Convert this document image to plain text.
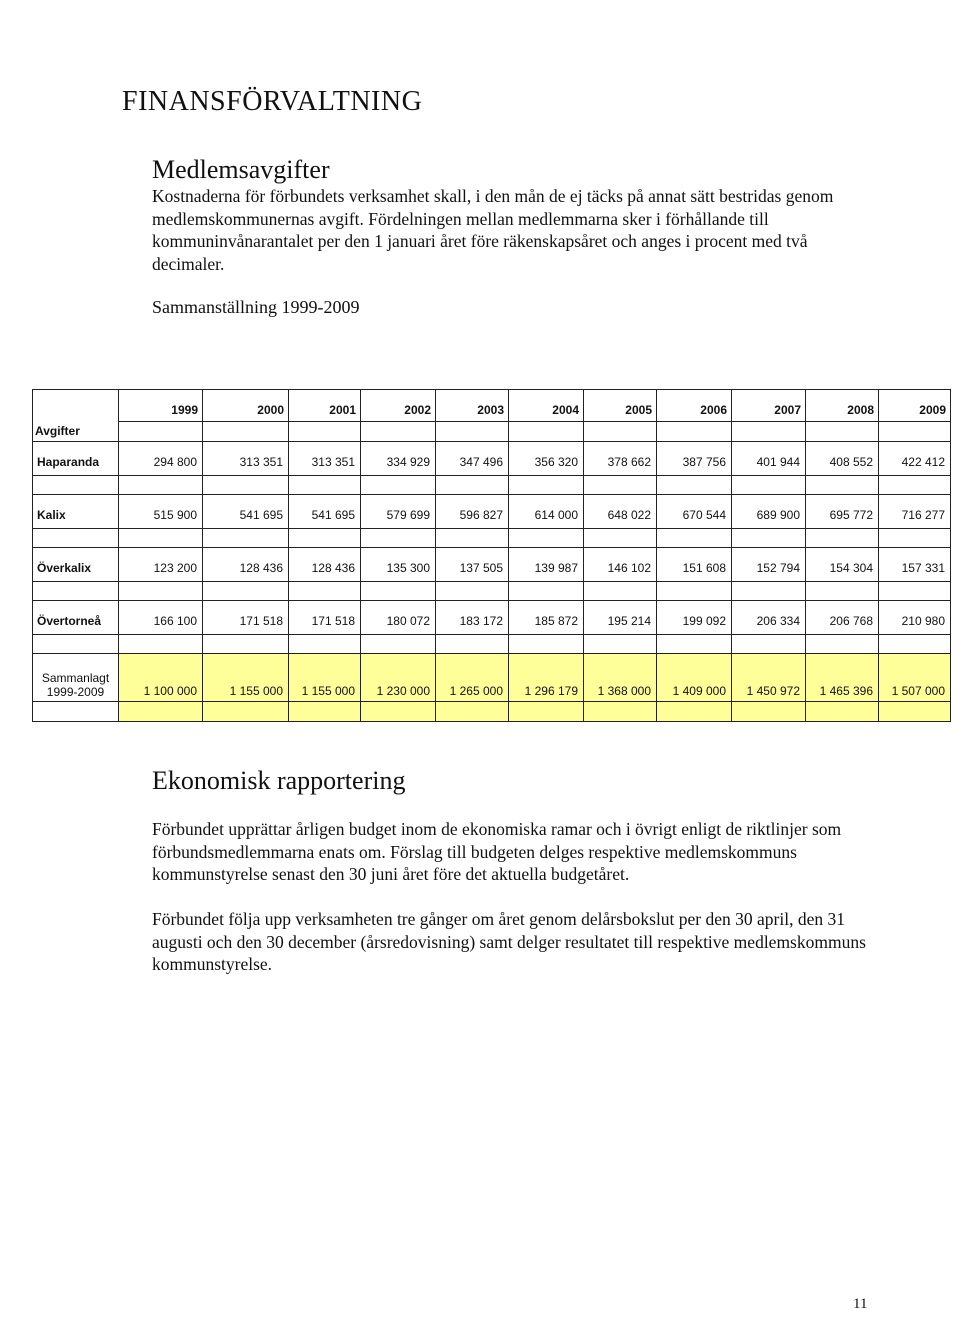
FINANSFÖRVALTNING
Medlemsavgifter
Kostnaderna för förbundets verksamhet skall, i den mån de ej täcks på annat sätt bestridas genom medlemskommunernas avgift. Fördelningen mellan medlemmarna sker i förhållande till kommuninvånarantalet per den 1 januari året före räkenskapsåret och anges i procent med två decimaler.
Sammanställning 1999-2009
	1999	2000	2001	2002	2003	2004	2005	2006	2007	2008	2009
Avgifter											
Haparanda	294 800	313 351	313 351	334 929	347 496	356 320	378 662	387 756	401 944	408 552	422 412

Kalix	515 900	541 695	541 695	579 699	596 827	614 000	648 022	670 544	689 900	695 772	716 277

Överkalix	123 200	128 436	128 436	135 300	137 505	139 987	146 102	151 608	152 794	154 304	157 331

Övertorneå	166 100	171 518	171 518	180 072	183 172	185 872	195 214	199 092	206 334	206 768	210 980

Sammanlagt
1999-2009	1 100 000	1 155 000	1 155 000	1 230 000	1 265 000	1 296 179	1 368 000	1 409 000	1 450 972	1 465 396	1 507 000

Ekonomisk rapportering
Förbundet upprättar årligen budget inom de ekonomiska ramar och i övrigt enligt de riktlinjer som förbundsmedlemmarna enats om. Förslag till budgeten delges respektive medlemskommuns kommunstyrelse senast den 30 juni året före det aktuella budgetåret.
Förbundet följa upp verksamheten tre gånger om året genom delårsbokslut per den 30 april, den 31 augusti och den 30 december (årsredovisning) samt delger resultatet till respektive medlemskommuns kommunstyrelse.
11
